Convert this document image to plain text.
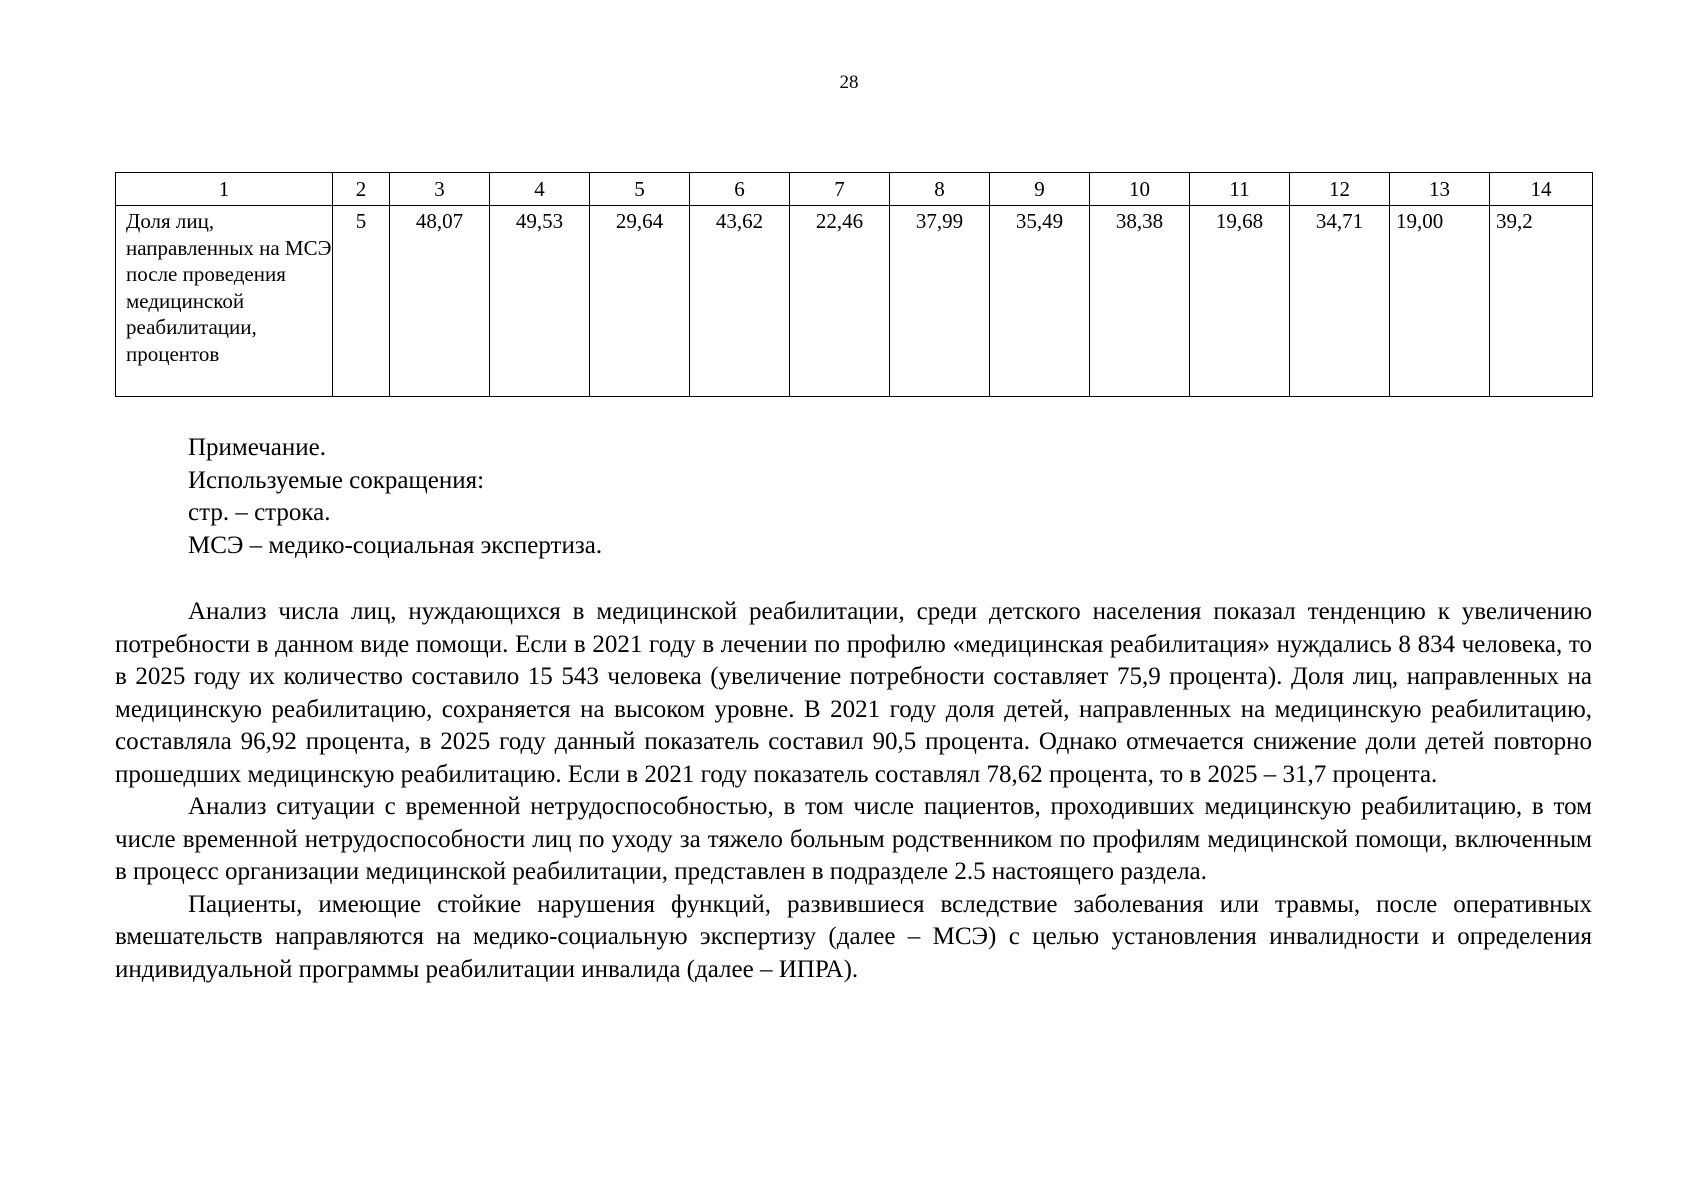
28
1	2	3	4	5	6	7	8	9	10	11	12	13	14
Доля лиц, направленных на МСЭ после проведения медицинской реабилитации, процентов	5	48,07	49,53	29,64	43,62	22,46	37,99	35,49	38,38	19,68	34,71	19,00	39,2
Примечание.
Используемые сокращения:
стр. – строка.
МСЭ – медико-социальная экспертиза.

Анализ числа лиц, нуждающихся в медицинской реабилитации, среди детского населения показал тенденцию к увеличению потребности в данном виде помощи. Если в 2021 году в лечении по профилю «медицинская реабилитация» нуждались 8 834 человека, то в 2025 году их количество составило 15 543 человека (увеличение потребности составляет 75,9 процента). Доля лиц, направленных на медицинскую реабилитацию, сохраняется на высоком уровне. В 2021 году доля детей, направленных на медицинскую реабилитацию, составляла 96,92 процента, в 2025 году данный показатель составил 90,5 процента. Однако отмечается снижение доли детей повторно прошедших медицинскую реабилитацию. Если в 2021 году показатель составлял 78,62 процента, то в 2025 – 31,7 процента.

Анализ ситуации с временной нетрудоспособностью, в том числе пациентов, проходивших медицинскую реабилитацию, в том числе временной нетрудоспособности лиц по уходу за тяжело больным родственником по профилям медицинской помощи, включенным в процесс организации медицинской реабилитации, представлен в подразделе 2.5 настоящего раздела.

Пациенты, имеющие стойкие нарушения функций, развившиеся вследствие заболевания или травмы, после оперативных вмешательств направляются на медико-социальную экспертизу (далее – МСЭ) с целью установления инвалидности и определения индивидуальной программы реабилитации инвалида (далее – ИПРА).
